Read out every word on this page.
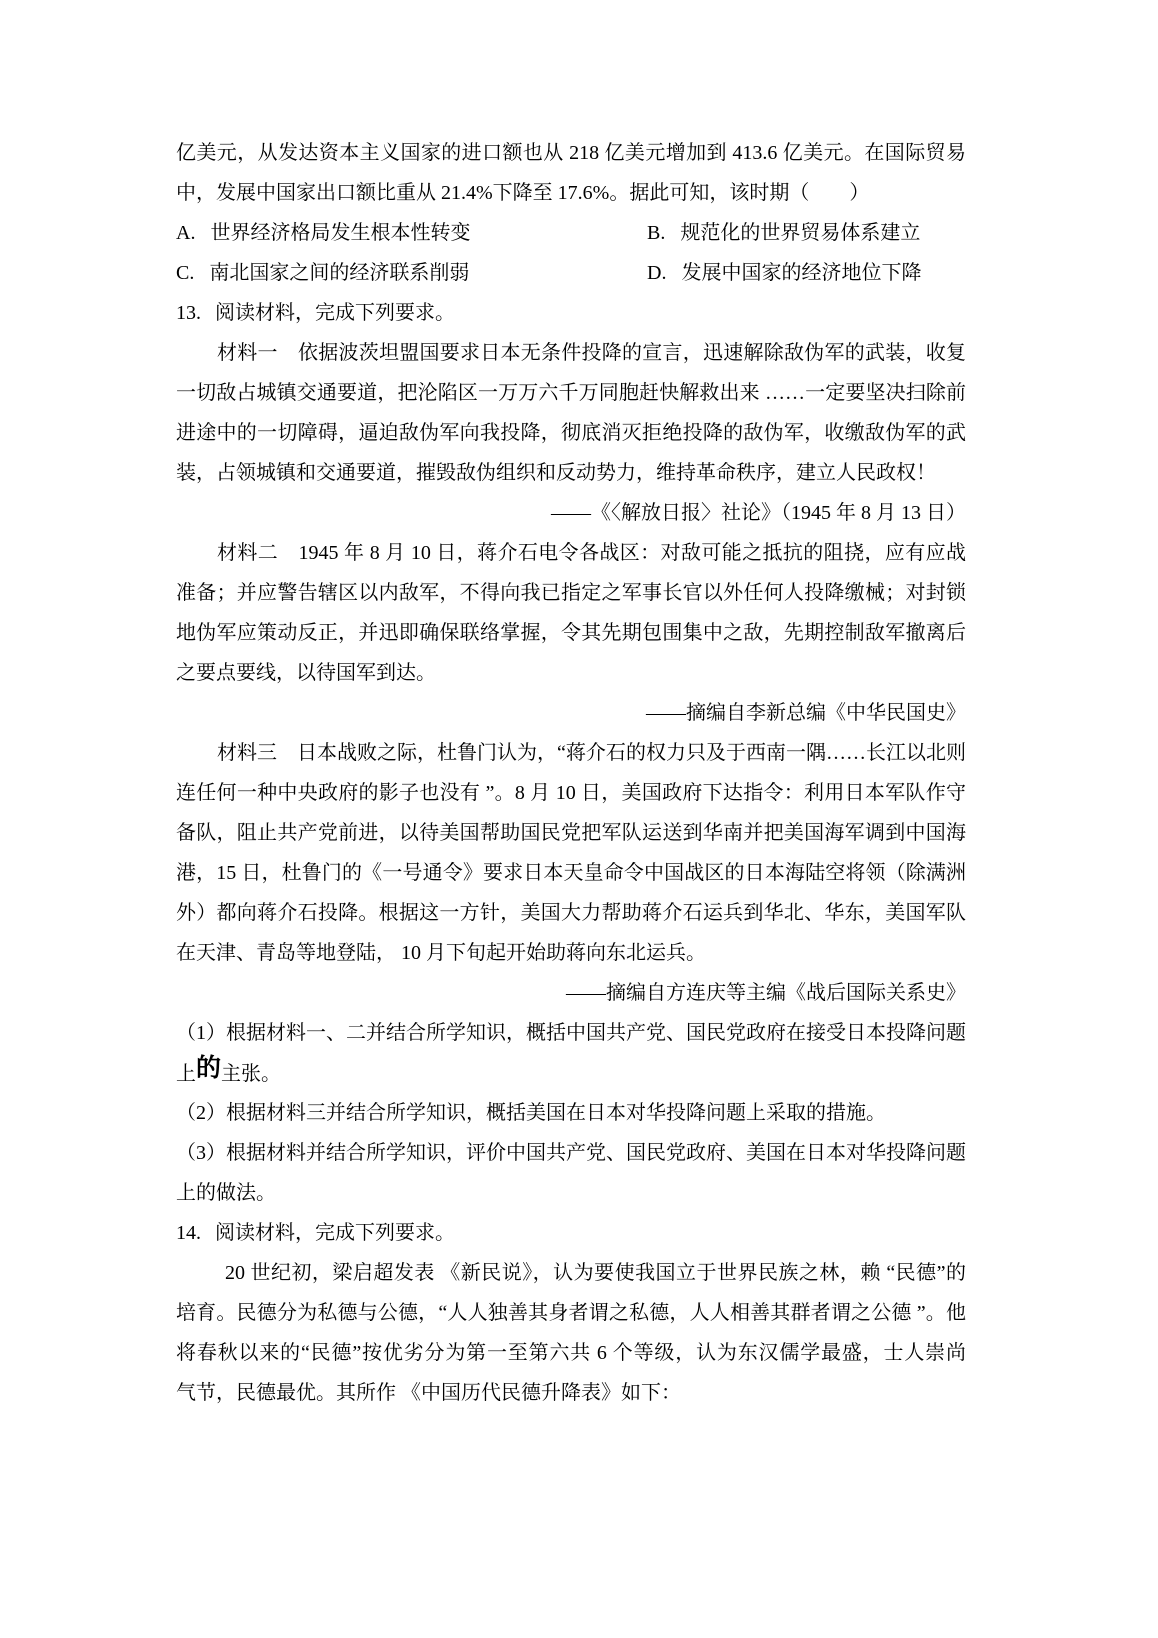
亿美元，从发达资本主义国家的进口额也从 218 亿美元增加到 413.6 亿美元。在国际贸易
中，发展中国家出口额比重从 21.4%下降至 17.6%。据此可知，该时期（　　）
A. 世界经济格局发生根本性转变	B. 规范化的世界贸易体系建立
C. 南北国家之间的经济联系削弱	D. 发展中国家的经济地位下降
13. 阅读材料，完成下列要求。
材料一　依据波茨坦盟国要求日本无条件投降的宣言，迅速解除敌伪军的武装，收复
一切敌占城镇交通要道，把沦陷区一万万六千万同胞赶快解救出来 ……一定要坚决扫除前
进途中的一切障碍，逼迫敌伪军向我投降，彻底消灭拒绝投降的敌伪军，收缴敌伪军的武
装，占领城镇和交通要道，摧毁敌伪组织和反动势力，维持革命秩序，建立人民政权！
——《〈解放日报〉社论》（1945 年 8 月 13 日）
材料二　1945 年 8 月 10 日，蒋介石电令各战区：对敌可能之抵抗的阻挠，应有应战
准备；并应警告辖区以内敌军，不得向我已指定之军事长官以外任何人投降缴械；对封锁
地伪军应策动反正，并迅即确保联络掌握，令其先期包围集中之敌，先期控制敌军撤离后
之要点要线，以待国军到达。
——摘编自李新总编《中华民国史》
材料三　日本战败之际，杜鲁门认为，“蒋介石的权力只及于西南一隅……长江以北则
连任何一种中央政府的影子也没有 ”。8 月 10 日，美国政府下达指令：利用日本军队作守
备队，阻止共产党前进，以待美国帮助国民党把军队运送到华南并把美国海军调到中国海
港，15 日，杜鲁门的《一号通令》要求日本天皇命令中国战区的日本海陆空将领（除满洲
外）都向蒋介石投降。根据这一方针，美国大力帮助蒋介石运兵到华北、华东，美国军队
在天津、青岛等地登陆， 10 月下旬起开始助蒋向东北运兵。
——摘编自方连庆等主编《战后国际关系史》
（1）根据材料一、二并结合所学知识，概括中国共产党、国民党政府在接受日本投降问题
上的主张。
（2）根据材料三并结合所学知识，概括美国在日本对华投降问题上采取的措施。
（3）根据材料并结合所学知识，评价中国共产党、国民党政府、美国在日本对华投降问题
上的做法。
14. 阅读材料，完成下列要求。
20 世纪初，梁启超发表 《新民说》，认为要使我国立于世界民族之林，赖 “民德”的
培育。民德分为私德与公德，“人人独善其身者谓之私德，人人相善其群者谓之公德 ”。他
将春秋以来的“民德”按优劣分为第一至第六共 6 个等级，认为东汉儒学最盛，士人崇尚
气节，民德最优。其所作 《中国历代民德升降表》如下：
